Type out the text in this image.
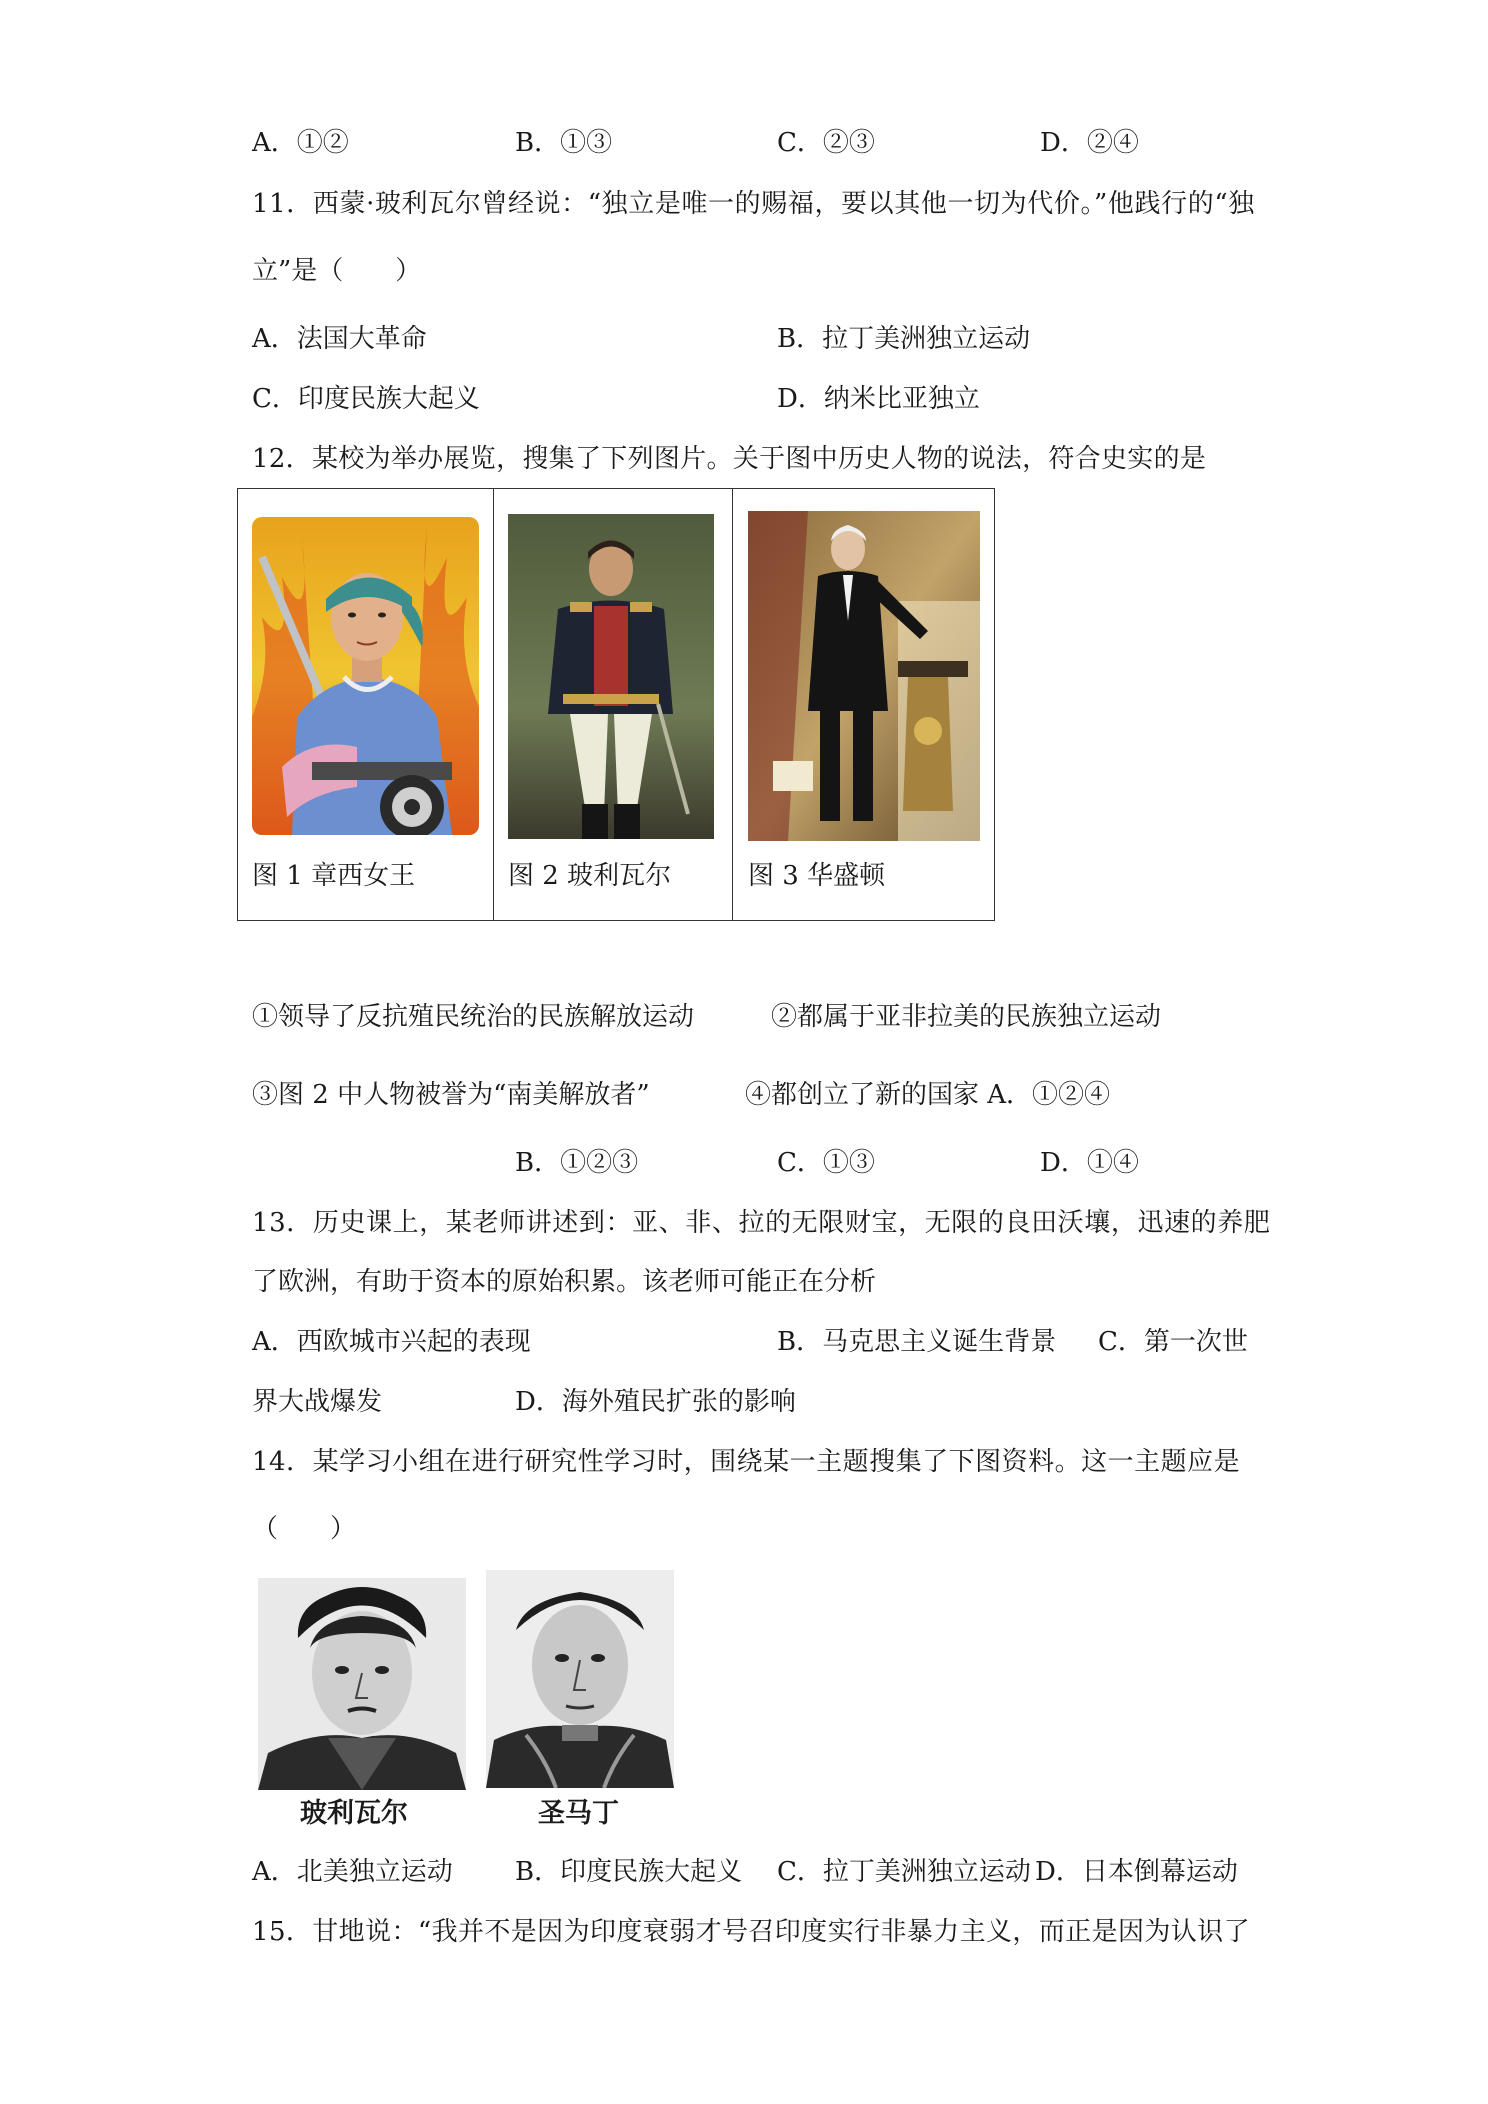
A．①②	B．①③	C．②③	D．②④
11．西蒙·玻利瓦尔曾经说：“独立是唯一的赐福，要以其他一切为代价。”他践行的“独
立”是（　　）
A．法国大革命	B．拉丁美洲独立运动
C．印度民族大起义	D．纳米比亚独立
12．某校为举办展览，搜集了下列图片。关于图中历史人物的说法，符合史实的是
图 1 章西女王	图 2 玻利瓦尔	图 3 华盛顿
①领导了反抗殖民统治的民族解放运动	②都属于亚非拉美的民族独立运动
③图 2 中人物被誉为“南美解放者”	④都创立了新的国家 A．①②④
B．①②③	C．①③	D．①④
13．历史课上，某老师讲述到：亚、非、拉的无限财宝，无限的良田沃壤，迅速的养肥
了欧洲，有助于资本的原始积累。该老师可能正在分析
A．西欧城市兴起的表现	B．马克思主义诞生背景 C．第一次世
界大战爆发	D．海外殖民扩张的影响
14．某学习小组在进行研究性学习时，围绕某一主题搜集了下图资料。这一主题应是
（　　）
玻利瓦尔	圣马丁
A．北美独立运动 B．印度民族大起义 C．拉丁美洲独立运动 D．日本倒幕运动
15．甘地说：“我并不是因为印度衰弱才号召印度实行非暴力主义，而正是因为认识了
